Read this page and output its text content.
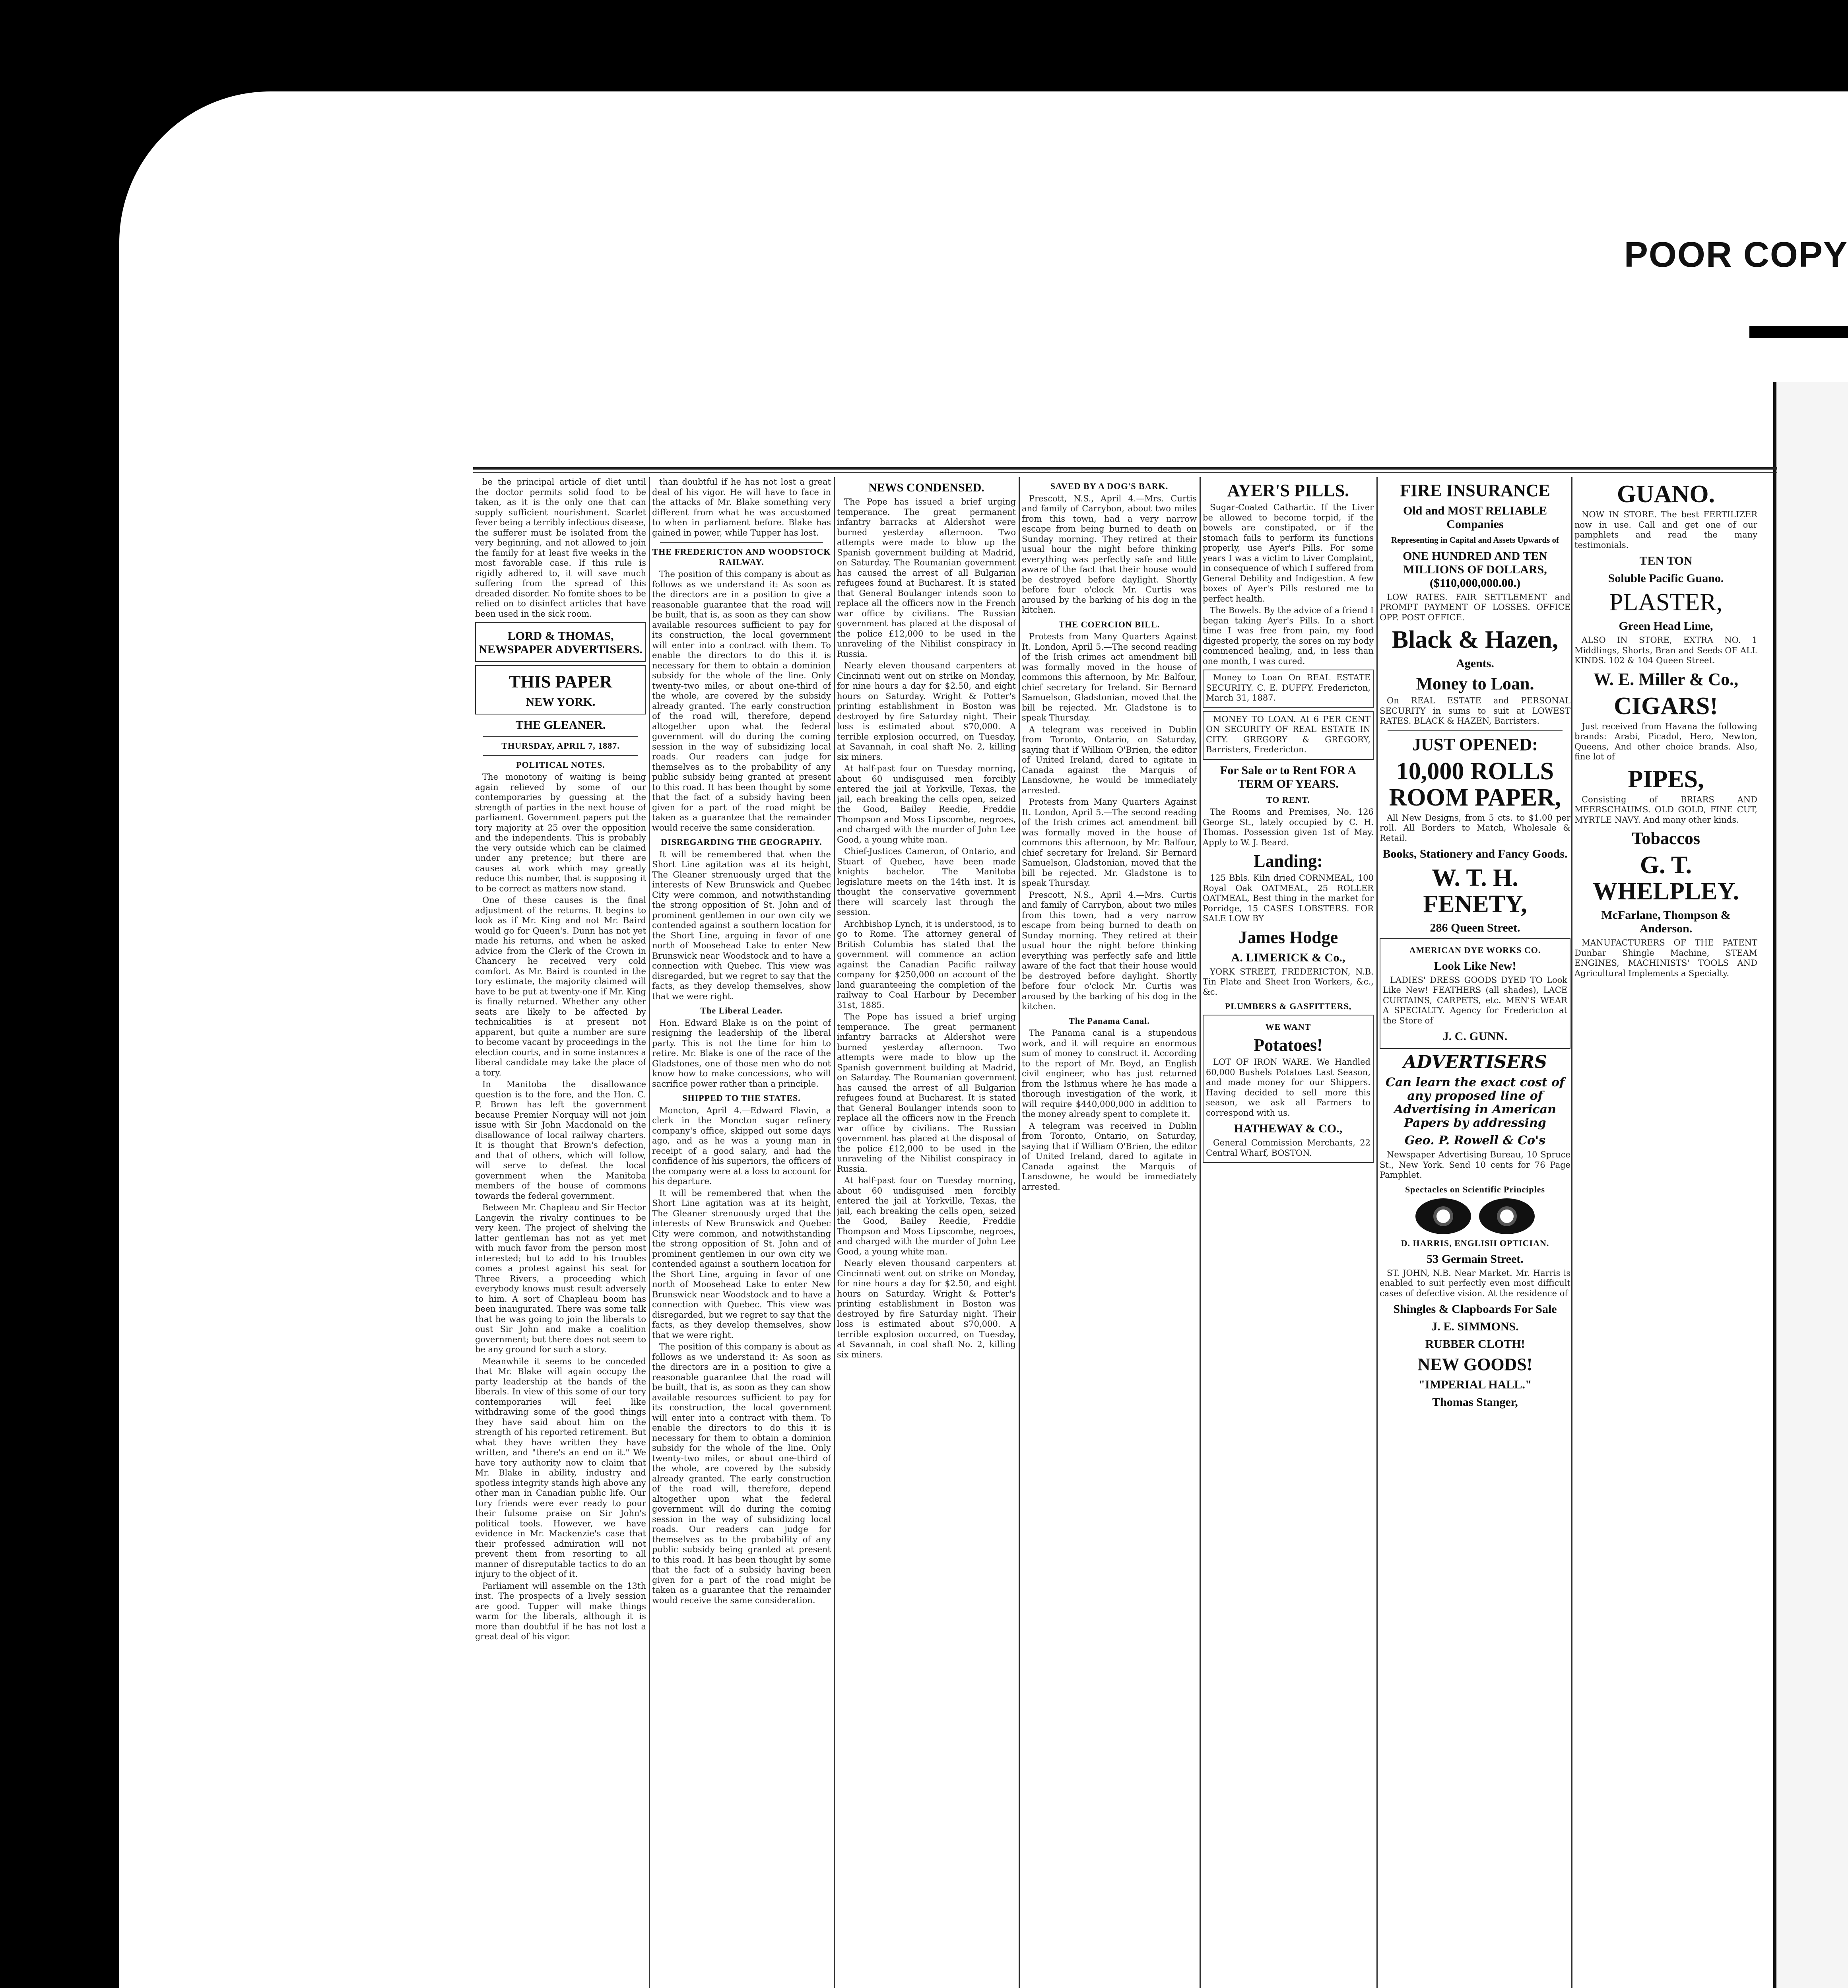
POOR COPY

be the principal article of diet until the doctor permits solid food to be taken, as it is the only one that can supply sufficient nourishment. Scarlet fever being a terribly infectious disease, the sufferer must be isolated from the very beginning, and not allowed to join the family for at least five weeks in the most favorable case. If this rule is rigidly adhered to, it will save much suffering from the spread of this dreaded disorder. No fomite shoes to be relied on to disinfect articles that have been used in the sick room.

LORD & THOMAS, NEWSPAPER ADVERTISERS.

THIS PAPER

NEW YORK.

THE GLEANER.

THURSDAY, APRIL 7, 1887.

POLITICAL NOTES.

The monotony of waiting is being again relieved by some of our contemporaries by guessing at the strength of parties in the next house of parliament. Government papers put the tory majority at 25 over the opposition and the independents. This is probably the very outside which can be claimed under any pretence; but there are causes at work which may greatly reduce this number, that is supposing it to be correct as matters now stand.

One of these causes is the final adjustment of the returns. It begins to look as if Mr. King and not Mr. Baird would go for Queen's. Dunn has not yet made his returns, and when he asked advice from the Clerk of the Crown in Chancery he received very cold comfort. As Mr. Baird is counted in the tory estimate, the majority claimed will have to be put at twenty-one if Mr. King is finally returned. Whether any other seats are likely to be affected by technicalities is at present not apparent, but quite a number are sure to become vacant by proceedings in the election courts, and in some instances a liberal candidate may take the place of a tory.

In Manitoba the disallowance question is to the fore, and the Hon. C. P. Brown has left the government because Premier Norquay will not join issue with Sir John Macdonald on the disallowance of local railway charters. It is thought that Brown's defection, and that of others, which will follow, will serve to defeat the local government when the Manitoba members of the house of commons towards the federal government.

Between Mr. Chapleau and Sir Hector Langevin the rivalry continues to be very keen. The project of shelving the latter gentleman has not as yet met with much favor from the person most interested; but to add to his troubles comes a protest against his seat for Three Rivers, a proceeding which everybody knows must result adversely to him. A sort of Chapleau boom has been inaugurated. There was some talk that he was going to join the liberals to oust Sir John and make a coalition government; but there does not seem to be any ground for such a story.

Meanwhile it seems to be conceded that Mr. Blake will again occupy the party leadership at the hands of the liberals. In view of this some of our tory contemporaries will feel like withdrawing some of the good things they have said about him on the strength of his reported retirement. But what they have written they have written, and "there's an end on it." We have tory authority now to claim that Mr. Blake in ability, industry and spotless integrity stands high above any other man in Canadian public life. Our tory friends were ever ready to pour their fulsome praise on Sir John's political tools. However, we have evidence in Mr. Mackenzie's case that their professed admiration will not prevent them from resorting to all manner of disreputable tactics to do an injury to the object of it.

Parliament will assemble on the 13th inst. The prospects of a lively session are good. Tupper will make things warm for the liberals, although it is more than doubtful if he has not lost a great deal of his vigor.

than doubtful if he has not lost a great deal of his vigor. He will have to face in the attacks of Mr. Blake something very different from what he was accustomed to when in parliament before. Blake has gained in power, while Tupper has lost.

THE FREDERICTON AND WOODSTOCK RAILWAY.

The position of this company is about as follows as we understand it: As soon as the directors are in a position to give a reasonable guarantee that the road will be built, that is, as soon as they can show available resources sufficient to pay for its construction, the local government will enter into a contract with them. To enable the directors to do this it is necessary for them to obtain a dominion subsidy for the whole of the line. Only twenty-two miles, or about one-third of the whole, are covered by the subsidy already granted. The early construction of the road will, therefore, depend altogether upon what the federal government will do during the coming session in the way of subsidizing local roads. Our readers can judge for themselves as to the probability of any public subsidy being granted at present to this road. It has been thought by some that the fact of a subsidy having been given for a part of the road might be taken as a guarantee that the remainder would receive the same consideration.

DISREGARDING THE GEOGRAPHY.

It will be remembered that when the Short Line agitation was at its height, The Gleaner strenuously urged that the interests of New Brunswick and Quebec City were common, and notwithstanding the strong opposition of St. John and of prominent gentlemen in our own city we contended against a southern location for the Short Line, arguing in favor of one north of Moosehead Lake to enter New Brunswick near Woodstock and to have a connection with Quebec. This view was disregarded, but we regret to say that the facts, as they develop themselves, show that we were right.

The Liberal Leader.

Hon. Edward Blake is on the point of resigning the leadership of the liberal party. This is not the time for him to retire. Mr. Blake is one of the race of the Gladstones, one of those men who do not know how to make concessions, who will sacrifice power rather than a principle.

SHIPPED TO THE STATES.

Moncton, April 4.—Edward Flavin, a clerk in the Moncton sugar refinery company's office, skipped out some days ago, and as he was a young man in receipt of a good salary, and had the confidence of his superiors, the officers of the company were at a loss to account for his departure.

It will be remembered that when the Short Line agitation was at its height, The Gleaner strenuously urged that the interests of New Brunswick and Quebec City were common, and notwithstanding the strong opposition of St. John and of prominent gentlemen in our own city we contended against a southern location for the Short Line, arguing in favor of one north of Moosehead Lake to enter New Brunswick near Woodstock and to have a connection with Quebec. This view was disregarded, but we regret to say that the facts, as they develop themselves, show that we were right.

The position of this company is about as follows as we understand it: As soon as the directors are in a position to give a reasonable guarantee that the road will be built, that is, as soon as they can show available resources sufficient to pay for its construction, the local government will enter into a contract with them. To enable the directors to do this it is necessary for them to obtain a dominion subsidy for the whole of the line. Only twenty-two miles, or about one-third of the whole, are covered by the subsidy already granted. The early construction of the road will, therefore, depend altogether upon what the federal government will do during the coming session in the way of subsidizing local roads. Our readers can judge for themselves as to the probability of any public subsidy being granted at present to this road. It has been thought by some that the fact of a subsidy having been given for a part of the road might be taken as a guarantee that the remainder would receive the same consideration.

NEWS CONDENSED.

The Pope has issued a brief urging temperance. The great permanent infantry barracks at Aldershot were burned yesterday afternoon. Two attempts were made to blow up the Spanish government building at Madrid, on Saturday. The Roumanian government has caused the arrest of all Bulgarian refugees found at Bucharest. It is stated that General Boulanger intends soon to replace all the officers now in the French war office by civilians. The Russian government has placed at the disposal of the police £12,000 to be used in the unraveling of the Nihilist conspiracy in Russia.

Nearly eleven thousand carpenters at Cincinnati went out on strike on Monday, for nine hours a day for $2.50, and eight hours on Saturday. Wright & Potter's printing establishment in Boston was destroyed by fire Saturday night. Their loss is estimated about $70,000. A terrible explosion occurred, on Tuesday, at Savannah, in coal shaft No. 2, killing six miners.

At half-past four on Tuesday morning, about 60 undisguised men forcibly entered the jail at Yorkville, Texas, the jail, each breaking the cells open, seized the Good, Bailey Reedie, Freddie Thompson and Moss Lipscombe, negroes, and charged with the murder of John Lee Good, a young white man.

Chief-Justices Cameron, of Ontario, and Stuart of Quebec, have been made knights bachelor. The Manitoba legislature meets on the 14th inst. It is thought the conservative government there will scarcely last through the session.

Archbishop Lynch, it is understood, is to go to Rome. The attorney general of British Columbia has stated that the government will commence an action against the Canadian Pacific railway company for $250,000 on account of the land guaranteeing the completion of the railway to Coal Harbour by December 31st, 1885.

The Pope has issued a brief urging temperance. The great permanent infantry barracks at Aldershot were burned yesterday afternoon. Two attempts were made to blow up the Spanish government building at Madrid, on Saturday. The Roumanian government has caused the arrest of all Bulgarian refugees found at Bucharest. It is stated that General Boulanger intends soon to replace all the officers now in the French war office by civilians. The Russian government has placed at the disposal of the police £12,000 to be used in the unraveling of the Nihilist conspiracy in Russia.

At half-past four on Tuesday morning, about 60 undisguised men forcibly entered the jail at Yorkville, Texas, the jail, each breaking the cells open, seized the Good, Bailey Reedie, Freddie Thompson and Moss Lipscombe, negroes, and charged with the murder of John Lee Good, a young white man.

Nearly eleven thousand carpenters at Cincinnati went out on strike on Monday, for nine hours a day for $2.50, and eight hours on Saturday. Wright & Potter's printing establishment in Boston was destroyed by fire Saturday night. Their loss is estimated about $70,000. A terrible explosion occurred, on Tuesday, at Savannah, in coal shaft No. 2, killing six miners.

SAVED BY A DOG'S BARK.

Prescott, N.S., April 4.—Mrs. Curtis and family of Carrybon, about two miles from this town, had a very narrow escape from being burned to death on Sunday morning. They retired at their usual hour the night before thinking everything was perfectly safe and little aware of the fact that their house would be destroyed before daylight. Shortly before four o'clock Mr. Curtis was aroused by the barking of his dog in the kitchen.

THE COERCION BILL.

Protests from Many Quarters Against It. London, April 5.—The second reading of the Irish crimes act amendment bill was formally moved in the house of commons this afternoon, by Mr. Balfour, chief secretary for Ireland. Sir Bernard Samuelson, Gladstonian, moved that the bill be rejected. Mr. Gladstone is to speak Thursday.

A telegram was received in Dublin from Toronto, Ontario, on Saturday, saying that if William O'Brien, the editor of United Ireland, dared to agitate in Canada against the Marquis of Lansdowne, he would be immediately arrested.

Protests from Many Quarters Against It. London, April 5.—The second reading of the Irish crimes act amendment bill was formally moved in the house of commons this afternoon, by Mr. Balfour, chief secretary for Ireland. Sir Bernard Samuelson, Gladstonian, moved that the bill be rejected. Mr. Gladstone is to speak Thursday.

Prescott, N.S., April 4.—Mrs. Curtis and family of Carrybon, about two miles from this town, had a very narrow escape from being burned to death on Sunday morning. They retired at their usual hour the night before thinking everything was perfectly safe and little aware of the fact that their house would be destroyed before daylight. Shortly before four o'clock Mr. Curtis was aroused by the barking of his dog in the kitchen.

The Panama Canal.

The Panama canal is a stupendous work, and it will require an enormous sum of money to construct it. According to the report of Mr. Boyd, an English civil engineer, who has just returned from the Isthmus where he has made a thorough investigation of the work, it will require $440,000,000 in addition to the money already spent to complete it.

A telegram was received in Dublin from Toronto, Ontario, on Saturday, saying that if William O'Brien, the editor of United Ireland, dared to agitate in Canada against the Marquis of Lansdowne, he would be immediately arrested.

AYER'S PILLS.

Sugar-Coated Cathartic. If the Liver be allowed to become torpid, if the bowels are constipated, or if the stomach fails to perform its functions properly, use Ayer's Pills. For some years I was a victim to Liver Complaint, in consequence of which I suffered from General Debility and Indigestion. A few boxes of Ayer's Pills restored me to perfect health.

The Bowels. By the advice of a friend I began taking Ayer's Pills. In a short time I was free from pain, my food digested properly, the sores on my body commenced healing, and, in less than one month, I was cured.

Money to Loan On REAL ESTATE SECURITY. C. E. DUFFY. Fredericton, March 31, 1887.

MONEY TO LOAN. At 6 PER CENT ON SECURITY OF REAL ESTATE IN CITY. GREGORY & GREGORY, Barristers, Fredericton.

For Sale or to Rent FOR A TERM OF YEARS.

TO RENT.

The Rooms and Premises, No. 126 George St., lately occupied by C. H. Thomas. Possession given 1st of May. Apply to W. J. Beard.

Landing:

125 Bbls. Kiln dried CORNMEAL, 100 Royal Oak OATMEAL, 25 ROLLER OATMEAL, Best thing in the market for Porridge, 15 CASES LOBSTERS. FOR SALE LOW BY

James Hodge

A. LIMERICK & Co.,

YORK STREET, FREDERICTON, N.B. Tin Plate and Sheet Iron Workers, &c., &c.

PLUMBERS & GASFITTERS,

WE WANT

Potatoes!

LOT OF IRON WARE. We Handled 60,000 Bushels Potatoes Last Season, and made money for our Shippers. Having decided to sell more this season, we ask all Farmers to correspond with us.

HATHEWAY & CO.,

General Commission Merchants, 22 Central Wharf, BOSTON.

FIRE INSURANCE

Old and MOST RELIABLE Companies

Representing in Capital and Assets Upwards of

ONE HUNDRED AND TEN MILLIONS OF DOLLARS, ($110,000,000.00.)

LOW RATES. FAIR SETTLEMENT and PROMPT PAYMENT OF LOSSES. OFFICE OPP. POST OFFICE.

Black & Hazen,

Agents.

Money to Loan.

On REAL ESTATE and PERSONAL SECURITY in sums to suit at LOWEST RATES. BLACK & HAZEN, Barristers.

JUST OPENED:

10,000 ROLLS ROOM PAPER,

All New Designs, from 5 cts. to $1.00 per roll. All Borders to Match, Wholesale & Retail.

Books, Stationery and Fancy Goods.

W. T. H. FENETY,

286 Queen Street.

AMERICAN DYE WORKS CO.

Look Like New!

LADIES' DRESS GOODS DYED TO Look Like New! FEATHERS (all shades), LACE CURTAINS, CARPETS, etc. MEN'S WEAR A SPECIALTY. Agency for Fredericton at the Store of

J. C. GUNN.

ADVERTISERS

Can learn the exact cost of any proposed line of Advertising in American Papers by addressing

Geo. P. Rowell & Co's

Newspaper Advertising Bureau, 10 Spruce St., New York. Send 10 cents for 76 Page Pamphlet.

Spectacles on Scientific Principles

D. HARRIS, ENGLISH OPTICIAN.

53 Germain Street.

ST. JOHN, N.B. Near Market. Mr. Harris is enabled to suit perfectly even most difficult cases of defective vision. At the residence of

Shingles & Clapboards For Sale

J. E. SIMMONS.

RUBBER CLOTH!

NEW GOODS!

"IMPERIAL HALL."

Thomas Stanger,

GUANO.

NOW IN STORE. The best FERTILIZER now in use. Call and get one of our pamphlets and read the many testimonials.

TEN TON

Soluble Pacific Guano.

PLASTER,

Green Head Lime,

ALSO IN STORE, EXTRA NO. 1 Middlings, Shorts, Bran and Seeds OF ALL KINDS. 102 & 104 Queen Street.

W. E. Miller & Co.,

CIGARS!

Just received from Havana the following brands: Arabi, Picadol, Hero, Newton, Queens, And other choice brands. Also, fine lot of

PIPES,

Consisting of BRIARS AND MEERSCHAUMS. OLD GOLD, FINE CUT, MYRTLE NAVY. And many other kinds.

Tobaccos

G. T. WHELPLEY.

McFarlane, Thompson & Anderson.

MANUFACTURERS OF THE PATENT Dunbar Shingle Machine, STEAM ENGINES, MACHINISTS' TOOLS AND Agricultural Implements a Specialty.
